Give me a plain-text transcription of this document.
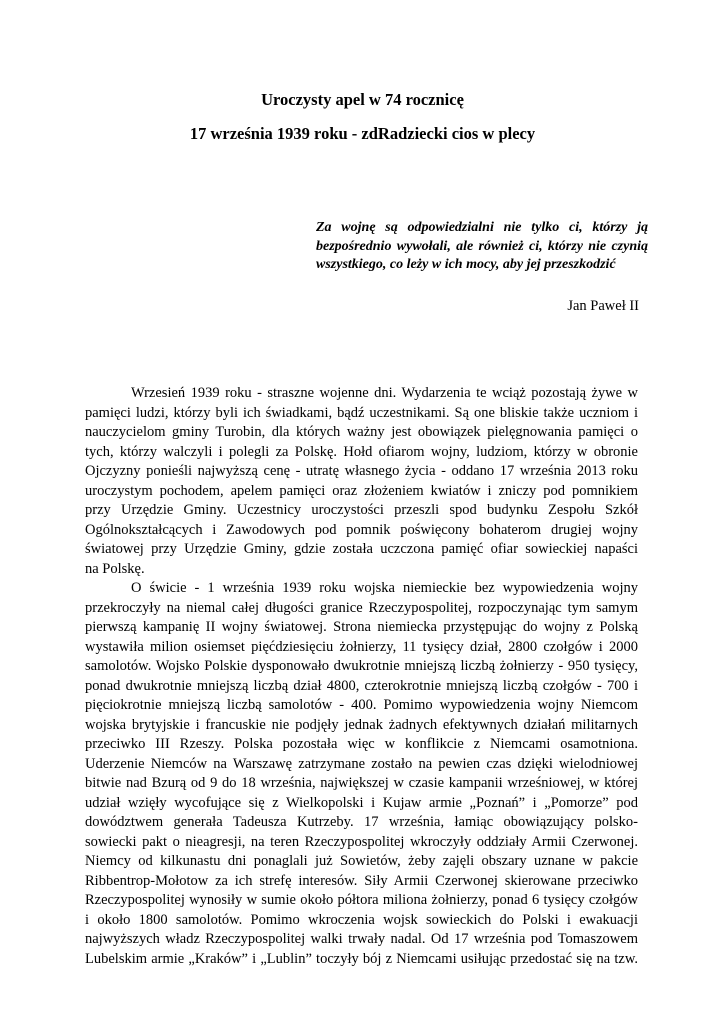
Uroczysty apel w 74 rocznicę
17 września 1939 roku - zdRadziecki cios w plecy
Za wojnę są odpowiedzialni nie tylko ci, którzy ją bezpośrednio wywołali, ale również ci, którzy nie czynią wszystkiego, co leży w ich mocy, aby jej przeszkodzić
Jan Paweł II
Wrzesień 1939 roku - straszne wojenne dni. Wydarzenia te wciąż pozostają żywe w
pamięci ludzi, którzy byli ich świadkami, bądź uczestnikami. Są one bliskie także uczniom i
nauczycielom gminy Turobin, dla których ważny jest obowiązek pielęgnowania pamięci o
tych, którzy walczyli i polegli za Polskę. Hołd ofiarom wojny, ludziom, którzy w obronie
Ojczyzny ponieśli najwyższą cenę - utratę własnego życia - oddano 17 września 2013 roku
uroczystym pochodem, apelem pamięci oraz złożeniem kwiatów i zniczy pod pomnikiem
przy Urzędzie Gminy. Uczestnicy uroczystości przeszli spod budynku Zespołu Szkół
Ogólnokształcących i Zawodowych pod pomnik poświęcony bohaterom drugiej wojny
światowej przy Urzędzie Gminy, gdzie została uczczona pamięć ofiar sowieckiej napaści
na Polskę.
O świcie - 1 września 1939 roku wojska niemieckie bez wypowiedzenia wojny
przekroczyły na niemal całej długości granice Rzeczypospolitej, rozpoczynając tym samym
pierwszą kampanię II wojny światowej. Strona niemiecka przystępując do wojny z Polską
wystawiła milion osiemset pięćdziesięciu żołnierzy, 11 tysięcy dział, 2800 czołgów i 2000
samolotów. Wojsko Polskie dysponowało dwukrotnie mniejszą liczbą żołnierzy - 950 tysięcy,
ponad dwukrotnie mniejszą liczbą dział 4800, czterokrotnie mniejszą liczbą czołgów - 700 i
pięciokrotnie mniejszą liczbą samolotów - 400. Pomimo wypowiedzenia wojny Niemcom
wojska brytyjskie i francuskie nie podjęły jednak żadnych efektywnych działań militarnych
przeciwko III Rzeszy. Polska pozostała więc w konflikcie z Niemcami osamotniona.
Uderzenie Niemców na Warszawę zatrzymane zostało na pewien czas dzięki wielodniowej
bitwie nad Bzurą od 9 do 18 września, największej w czasie kampanii wrześniowej, w której
udział wzięły wycofujące się z Wielkopolski i Kujaw armie „Poznań” i „Pomorze” pod
dowództwem generała Tadeusza Kutrzeby. 17 września, łamiąc obowiązujący polsko-
sowiecki pakt o nieagresji, na teren Rzeczypospolitej wkroczyły oddziały Armii Czerwonej.
Niemcy od kilkunastu dni ponaglali już Sowietów, żeby zajęli obszary uznane w pakcie
Ribbentrop-Mołotow za ich strefę interesów. Siły Armii Czerwonej skierowane przeciwko
Rzeczypospolitej wynosiły w sumie około półtora miliona żołnierzy, ponad 6 tysięcy czołgów
i około 1800 samolotów. Pomimo wkroczenia wojsk sowieckich do Polski i ewakuacji
najwyższych władz Rzeczypospolitej walki trwały nadal. Od 17 września pod Tomaszowem
Lubelskim armie „Kraków” i „Lublin” toczyły bój z Niemcami usiłując przedostać się na tzw.
